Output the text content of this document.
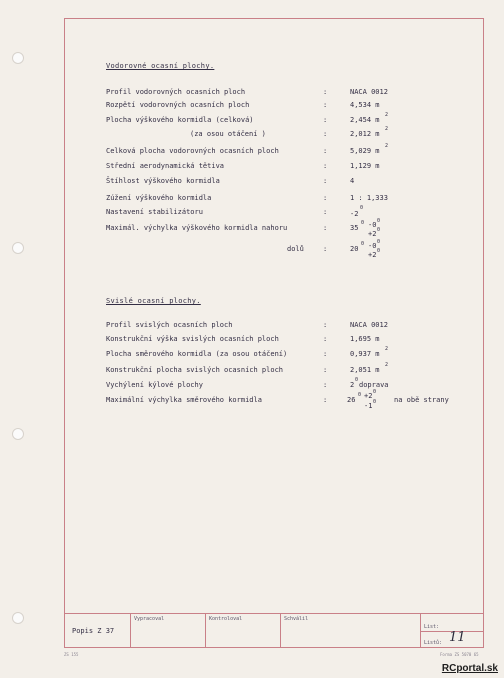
Vodorovné ocasní plochy.
Profil vodorovných ocasních ploch	:	NACA 0012
Rozpětí vodorovných ocasních ploch	:	4,534 m
Plocha výškového kormidla (celková)	:	2,454 m
2
(za osou otáčení )	:	2,012 m
2
Celková plocha vodorovných ocasních ploch	:	5,029 m
2
Střední aerodynamická tětiva	:	1,129 m
Štíhlost výškového kormidla	:	4
Zúžení výškového kormidla	:	1 : 1,333
Nastavení stabilizátoru	:	-2
0
Maximál. výchylka výškového kormidla nahoru	:	35
0 -0 0
+2 0
dolů	:	20
0 -0 0
+2 0
Svislé ocasní plochy.
Profil svislých ocasních ploch	:	NACA 0012
Konstrukční výška svislých ocasních ploch	:	1,695 m
Plocha směrového kormidla (za osou otáčení)	:	0,937 m
2
Konstrukční plocha svislých ocasních ploch	:	2,051 m
2
Vychýlení kýlové plochy	:	2
0
doprava
Maximální výchylka směrového kormidla	:	26
0 +2 0
-1 0	na obě strany
Popis Z 37
Vypracoval	Kontroloval	Schválil
List:
Listů: 11
ZS 155	Forma ZS 5070 65
RCportal.sk
